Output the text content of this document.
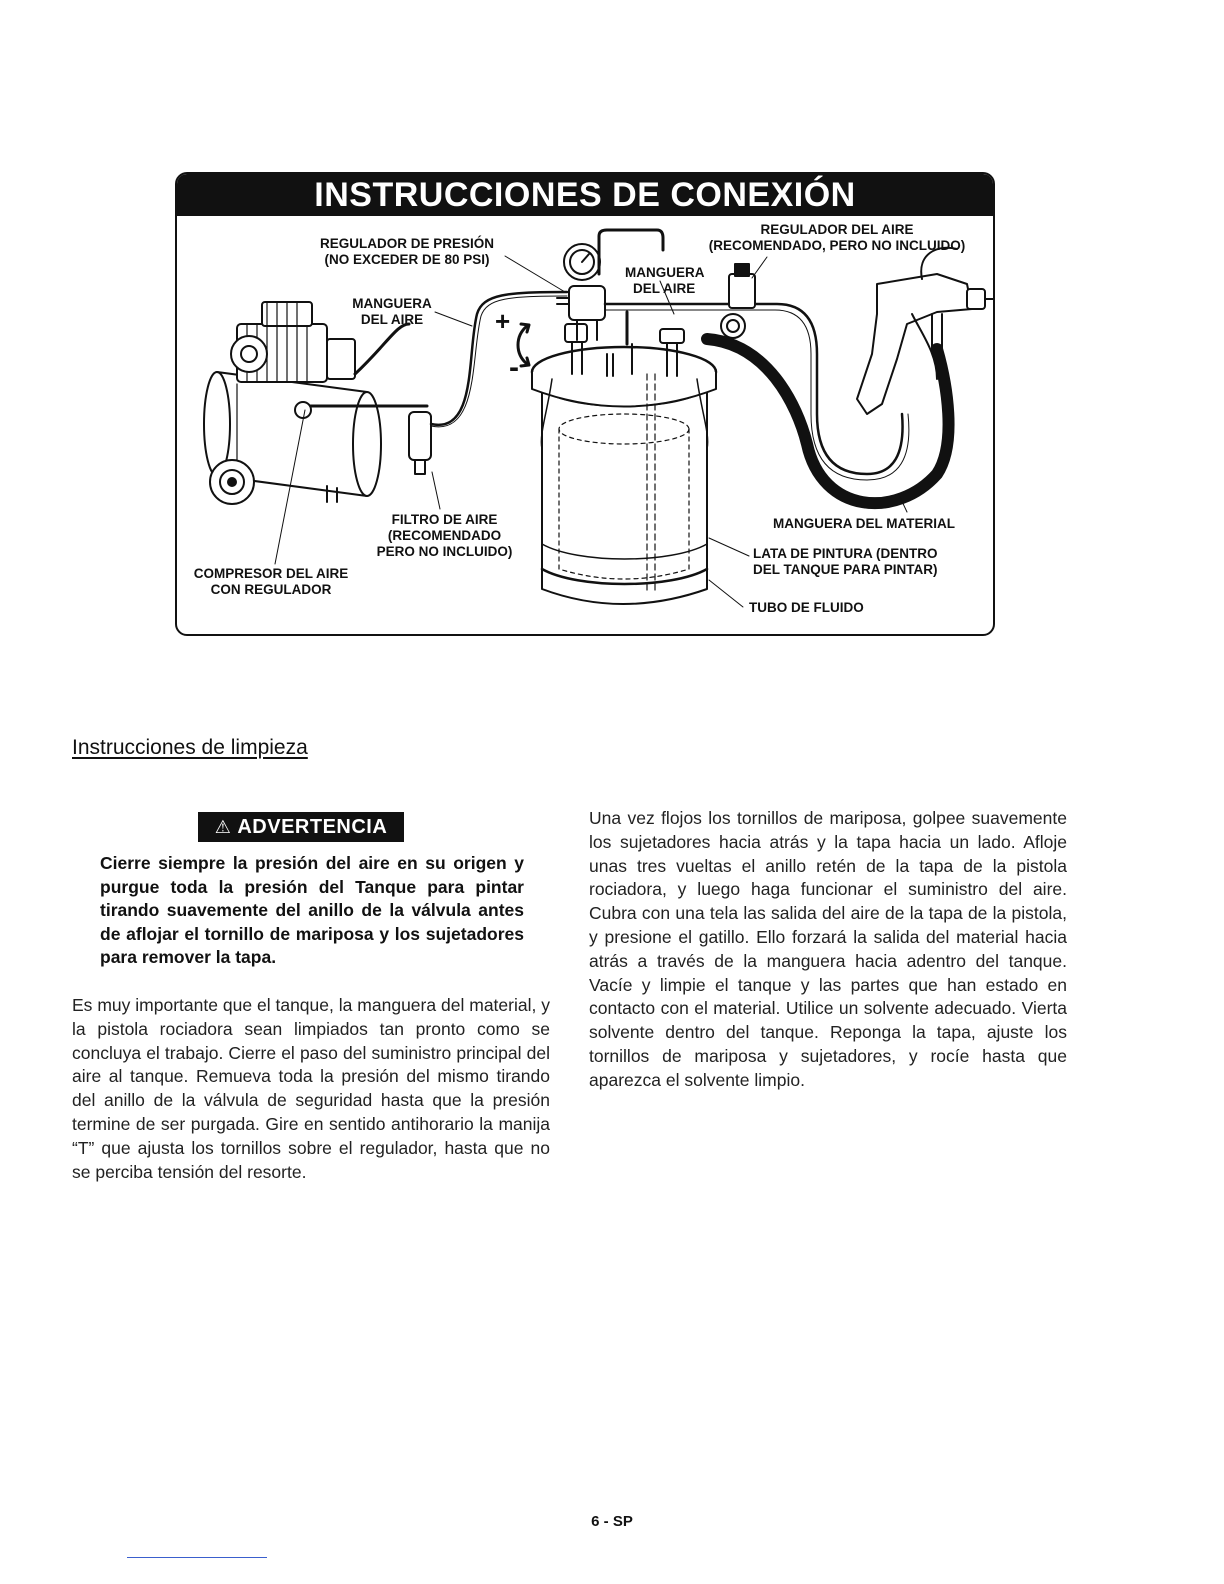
INSTRUCCIONES DE CONEXIÓN
REGULADOR DE PRESIÓN
(NO EXCEDER DE 80 PSI)
MANGUERA
DEL AIRE
MANGUERA
DEL AIRE
REGULADOR DEL AIRE
(RECOMENDADO, PERO NO INCLUIDO)
FILTRO DE AIRE
(RECOMENDADO
PERO NO INCLUIDO)
COMPRESOR DEL AIRE
CON REGULADOR
MANGUERA DEL MATERIAL
LATA DE PINTURA (DENTRO
DEL TANQUE PARA PINTAR)
TUBO DE FLUIDO
+
-
Instrucciones de limpieza
⚠ ADVERTENCIA

Cierre siempre la presión del aire en su origen y purgue toda la presión del Tanque para pintar tirando suavemente del anillo de la válvula antes de aflojar el tornillo de mariposa y los sujetadores para remover la tapa.

Es muy importante que el tanque, la manguera del material, y la pistola rociadora sean limpiados tan pronto como se concluya el trabajo. Cierre el paso del suministro principal del aire al tanque. Remueva toda la presión del mismo tirando del anillo de la válvula de seguridad hasta que la presión termine de ser purgada. Gire en sentido antihorario la manija “T” que ajusta los tornillos sobre el regulador, hasta que no se perciba tensión del resorte.

Una vez flojos los tornillos de mariposa, golpee suavemente los sujetadores hacia atrás y la tapa hacia un lado. Afloje unas tres vueltas el anillo retén de la tapa de la pistola rociadora, y luego haga funcionar el suministro del aire. Cubra con una tela las salida del aire de la tapa de la pistola, y presione el gatillo. Ello forzará la salida del material hacia atrás a través de la manguera hacia adentro del tanque. Vacíe y limpie el tanque y las partes que han estado en contacto con el material. Utilice un solvente adecuado. Vierta solvente dentro del tanque. Reponga la tapa, ajuste los tornillos de mariposa y sujetadores, y rocíe hasta que aparezca el solvente limpio.

6 - SP
